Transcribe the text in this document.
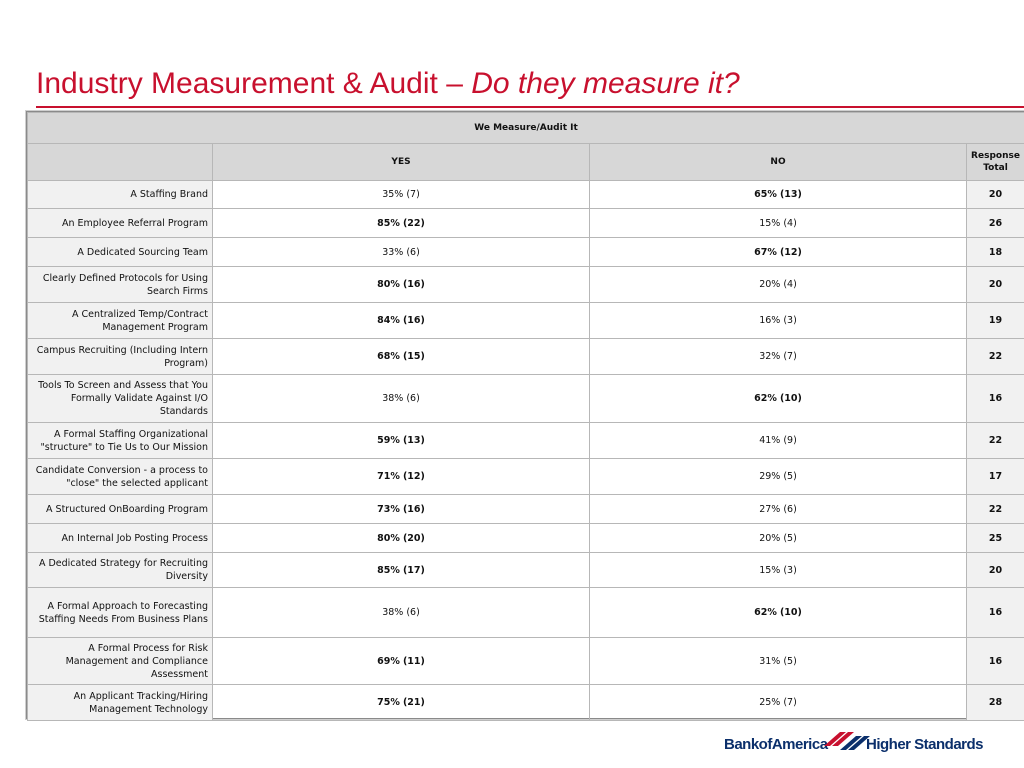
Industry Measurement & Audit – Do they measure it?
We Measure/Audit It			
	YES	NO	Response Total
A Staffing Brand	35% (7)	65% (13)	20
An Employee Referral Program	85% (22)	15% (4)	26
A Dedicated Sourcing Team	33% (6)	67% (12)	18
Clearly Defined Protocols for Using Search Firms	80% (16)	20% (4)	20
A Centralized Temp/Contract Management Program	84% (16)	16% (3)	19
Campus Recruiting (Including Intern Program)	68% (15)	32% (7)	22
Tools To Screen and Assess that You Formally Validate Against I/O Standards	38% (6)	62% (10)	16
A Formal Staffing Organizational "structure" to Tie Us to Our Mission	59% (13)	41% (9)	22
Candidate Conversion - a process to "close" the selected applicant	71% (12)	29% (5)	17
A Structured OnBoarding Program	73% (16)	27% (6)	22
An Internal Job Posting Process	80% (20)	20% (5)	25
A Dedicated Strategy for Recruiting Diversity	85% (17)	15% (3)	20
A Formal Approach to Forecasting Staffing Needs From Business Plans	38% (6)	62% (10)	16
A Formal Process for Risk Management and Compliance Assessment	69% (11)	31% (5)	16
An Applicant Tracking/Hiring Management Technology	75% (21)	25% (7)	28
BankofAmerica	Higher Standards
